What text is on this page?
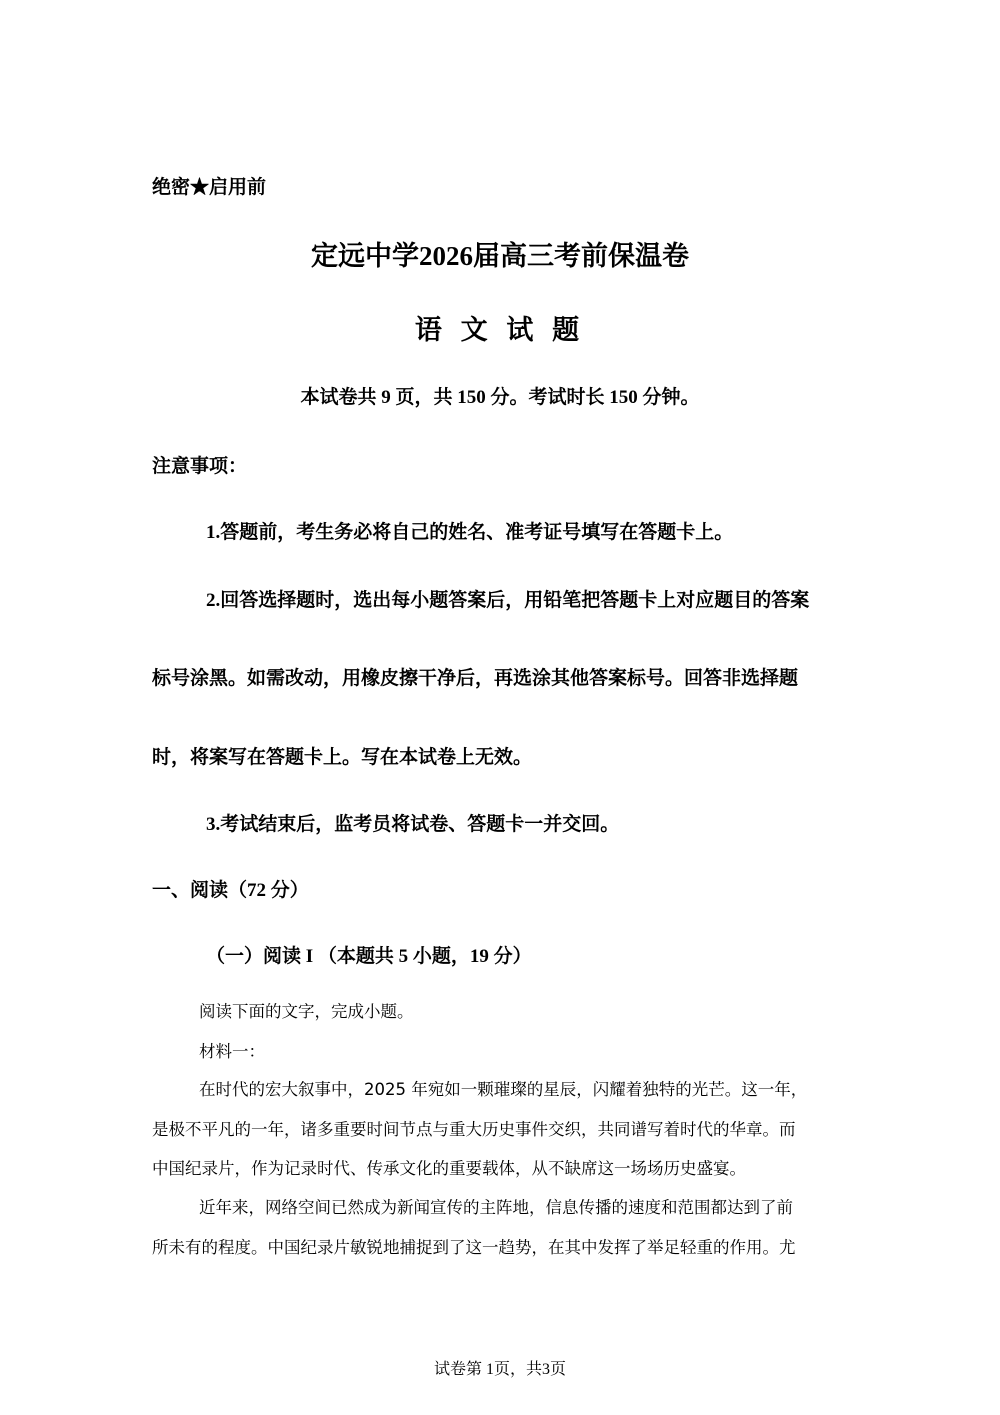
绝密★启用前
定远中学2026届高三考前保温卷
语 文 试 题
本试卷共 9 页，共 150 分。考试时长 150 分钟。
注意事项：
1.答题前，考生务必将自己的姓名、准考证号填写在答题卡上。
2.回答选择题时，选出每小题答案后，用铅笔把答题卡上对应题目的答案
标号涂黑。如需改动，用橡皮擦干净后，再选涂其他答案标号。回答非选择题
时，将案写在答题卡上。写在本试卷上无效。
3.考试结束后，监考员将试卷、答题卡一并交回。
一、阅读（72 分）
（一）阅读 I （本题共 5 小题，19 分）
阅读下面的文字，完成小题。
材料一：
在时代的宏大叙事中，2025 年宛如一颗璀璨的星辰，闪耀着独特的光芒。这一年，
是极不平凡的一年，诸多重要时间节点与重大历史事件交织，共同谱写着时代的华章。而
中国纪录片，作为记录时代、传承文化的重要载体，从不缺席这一场场历史盛宴。
近年来，网络空间已然成为新闻宣传的主阵地，信息传播的速度和范围都达到了前
所未有的程度。中国纪录片敏锐地捕捉到了这一趋势，在其中发挥了举足轻重的作用。尤
试卷第 1页，共3页
